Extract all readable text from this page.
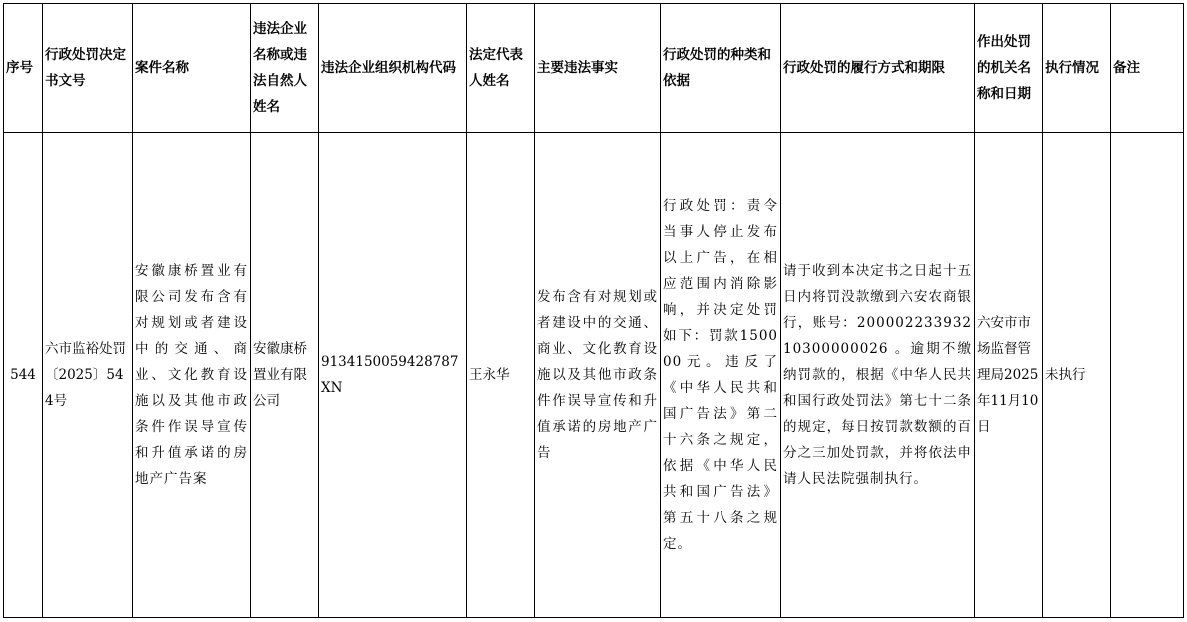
序号	行政处罚决定书文号	案件名称	违法企业名称或违法自然人姓名	违法企业组织机构代码	法定代表人姓名	主要违法事实	行政处罚的种类和依据	行政处罚的履行方式和期限	作出处罚的机关名称和日期	执行情况	备注
544	六市监裕处罚〔2025〕544号	安徽康桥置业有限公司发布含有对规划或者建设中的交通、商业、文化教育设施以及其他市政条件作误导宣传和升值承诺的房地产广告案	安徽康桥置业有限公司	9134150059428787XN	王永华	发布含有对规划或者建设中的交通、商业、文化教育设施以及其他市政条件作误导宣传和升值承诺的房地产广告	行政处罚：责令当事人停止发布以上广告，在相应范围内消除影响，并决定处罚如下：罚款150000元。违反了《中华人民共和国广告法》第二十六条之规定，依据《中华人民共和国广告法》第五十八条之规定。	请于收到本决定书之日起十五日内将罚没款缴到六安农商银行，账号：20000223393210300000026 。逾期不缴纳罚款的，根据《中华人民共和国行政处罚法》第七十二条的规定，每日按罚款数额的百分之三加处罚款，并将依法申请人民法院强制执行。	六安市市场监督管理局2025年11月10日	未执行	
